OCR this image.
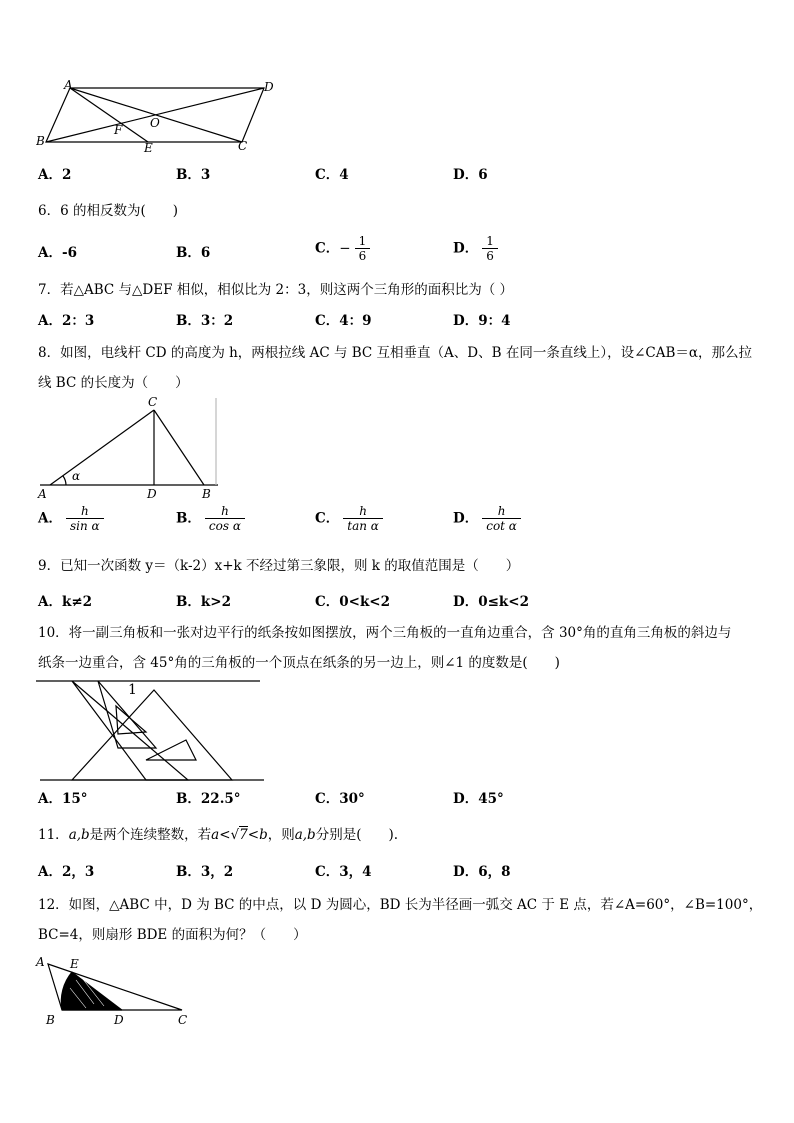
A	D
B
F O
E	C
A．2	B．3	C．4	D．6
6．6 的相反数为(　　)
A．-6	B．6	C．− $\frac{1}{6}$	D． $\frac{1}{6}$
7．若△ABC 与△DEF 相似，相似比为 2：3，则这两个三角形的面积比为（ ）
A．2：3	B．3：2	C．4：9	D．9：4
8．如图，电线杆 CD 的高度为 h，两根拉线 AC 与 BC 互相垂直（A、D、B 在同一条直线上），设∠CAB＝α，那么拉
线 BC 的长度为（　　）
C
α
A	D	B
A． $\frac{h}{\text{sin α}}$	B． $\frac{h}{\text{cos α}}$	C． $\frac{h}{\text{tan α}}$	D． $\frac{h}{\text{cot α}}$
9．已知一次函数 y＝（k-2）x+k 不经过第三象限，则 k 的取值范围是（　　）
A．k≠2	B．k>2	C．0<k<2	D．0≤k<2
10．将一副三角板和一张对边平行的纸条按如图摆放，两个三角板的一直角边重合，含 30°角的直角三角板的斜边与
纸条一边重合，含 45°角的三角板的一个顶点在纸条的另一边上，则∠1 的度数是(　　)
1
A．15°	B．22.5°	C．30°	D．45°
11．a,b是两个连续整数，若a<√7<b，则a,b分别是(　　).
A．2，3	B．3，2	C．3，4	D．6，8
12．如图，△ABC 中，D 为 BC 的中点，以 D 为圆心，BD 长为半径画一弧交 AC 于 E 点，若∠A=60°，∠B=100°，
BC=4，则扇形 BDE 的面积为何？（　　）
A E
B	D	C
